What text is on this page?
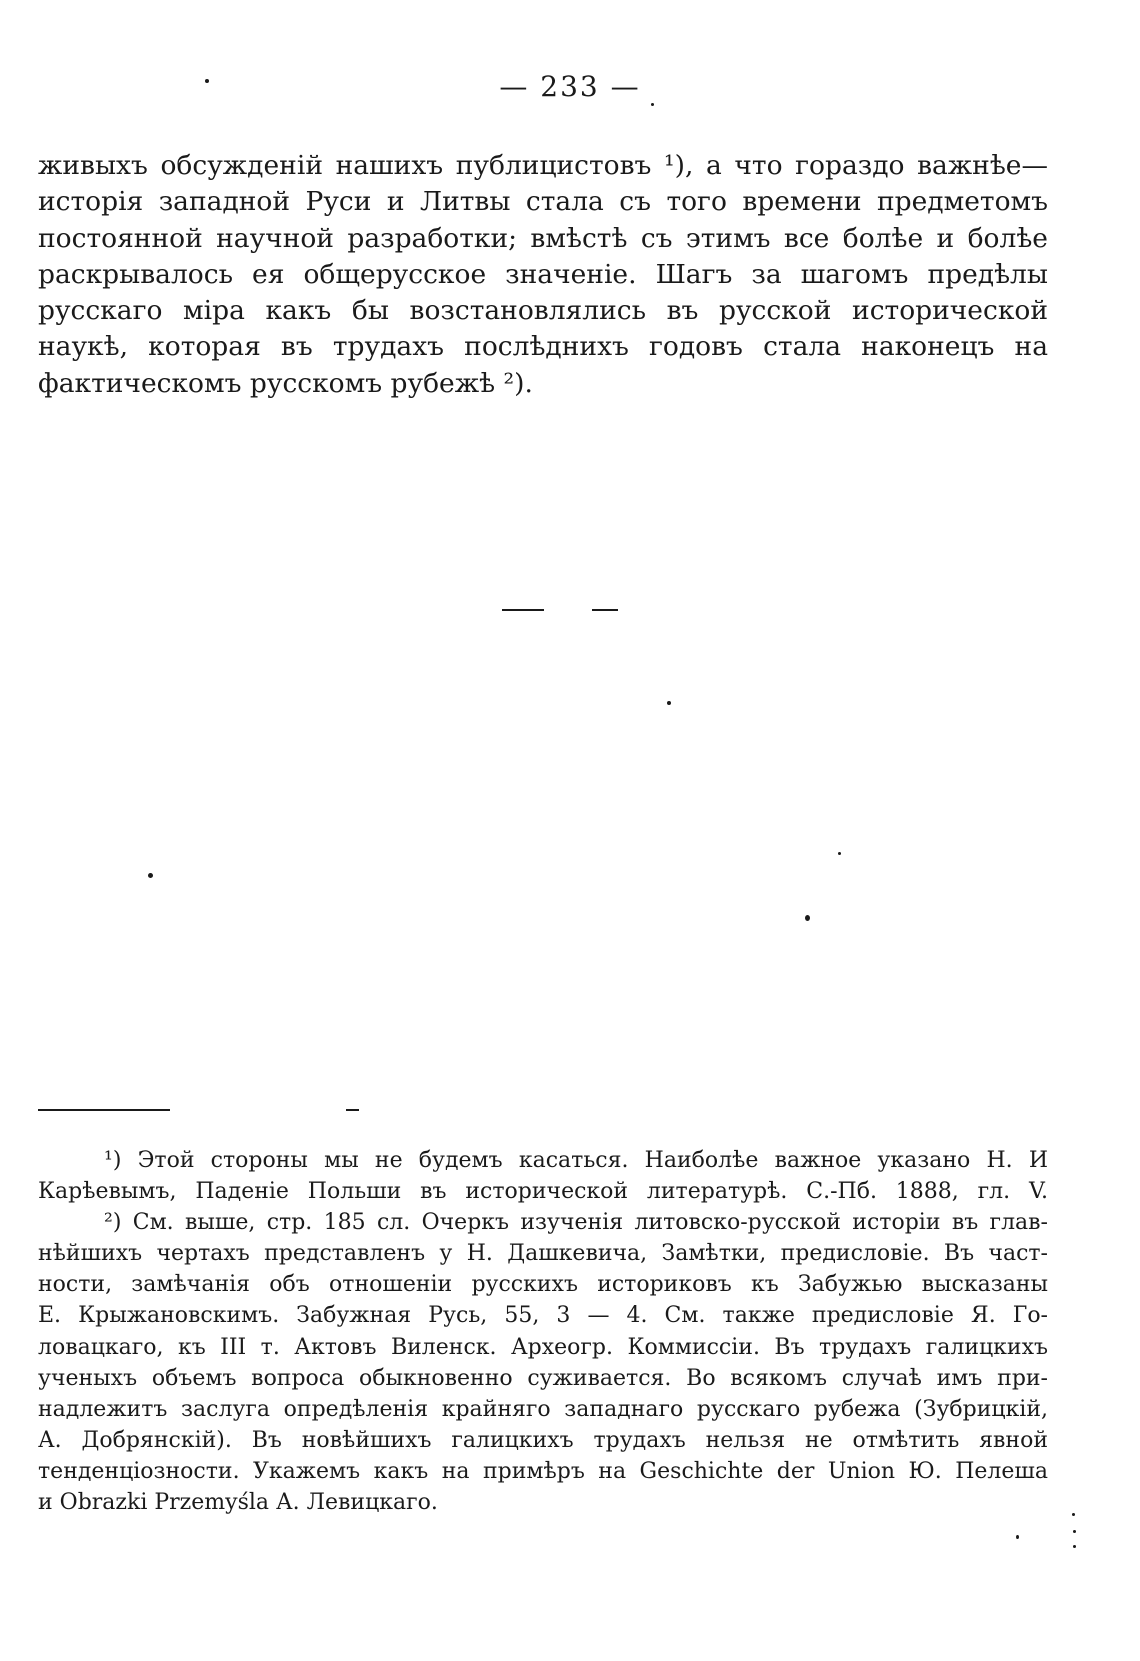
— 233 —

живыхъ обсужденій нашихъ публицистовъ ¹), а что гораздо важнѣе—
исторія западной Руси и Литвы стала съ того времени предметомъ
постоянной научной разработки; вмѣстѣ съ этимъ все болѣе и болѣе
раскрывалось ея общерусское значеніе. Шагъ за шагомъ предѣлы
русскаго міра какъ бы возстановлялись въ русской исторической
наукѣ, которая въ трудахъ послѣднихъ годовъ стала наконецъ на
фактическомъ русскомъ рубежѣ ²).

¹) Этой стороны мы не будемъ касаться. Наиболѣе важное указано Н. И
Карѣевымъ, Паденіе Польши въ исторической литературѣ. С.-Пб. 1888, гл. V.
²) См. выше, стр. 185 сл. Очеркъ изученія литовско-русской исторіи въ глав-
нѣйшихъ чертахъ представленъ у Н. Дашкевича, Замѣтки, предисловіе. Въ част-
ности, замѣчанія объ отношеніи русскихъ историковъ къ Забужью высказаны
Е. Крыжановскимъ. Забужная Русь, 55, 3 — 4. См. также предисловіе Я. Го-
ловацкаго, къ III т. Актовъ Виленск. Археогр. Коммиссіи. Въ трудахъ галицкихъ
ученыхъ объемъ вопроса обыкновенно суживается. Во всякомъ случаѣ имъ при-
надлежитъ заслуга опредѣленія крайняго западнаго русскаго рубежа (Зубрицкій,
А. Добрянскій). Въ новѣйшихъ галицкихъ трудахъ нельзя не отмѣтить явной
тенденціозности. Укажемъ какъ на примѣръ на Geschichte der Union Ю. Пелеша
и Obrazki Przemyśla А. Левицкаго.
